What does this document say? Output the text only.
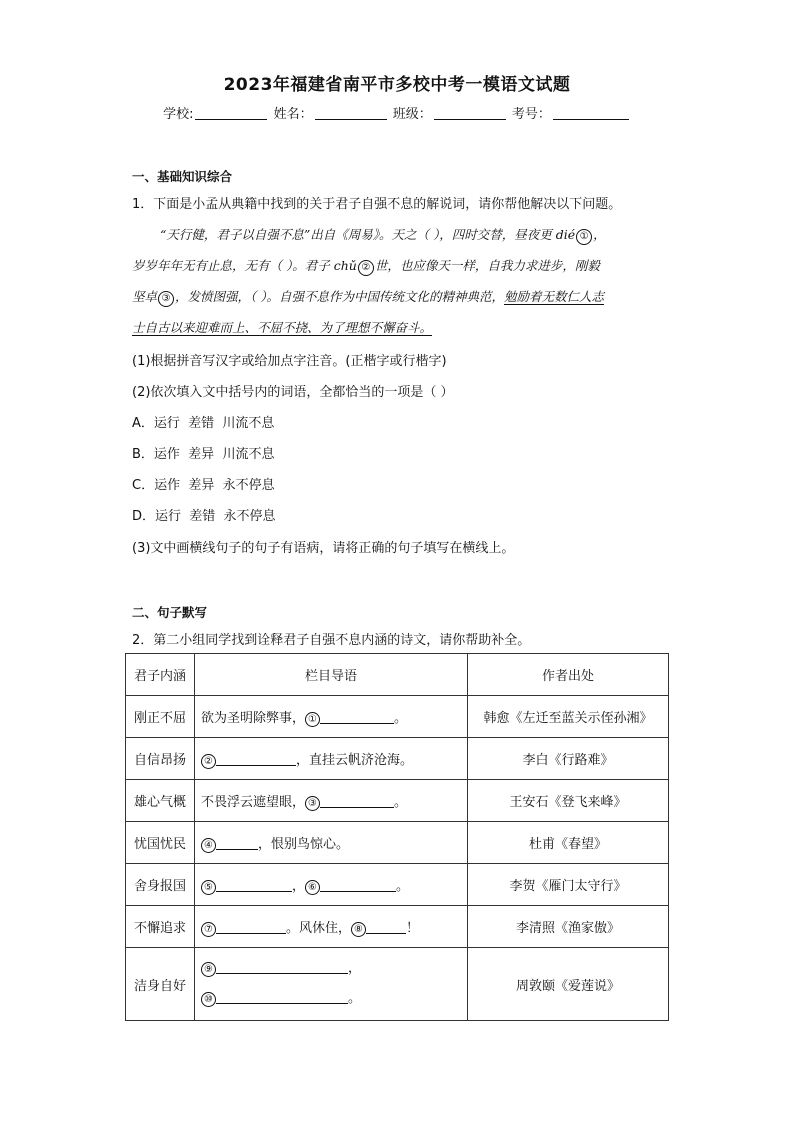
2023年福建省南平市多校中考一模语文试题
学校:	姓名：	班级：	考号：
一、基础知识综合
1．下面是小孟从典籍中找到的关于君子自强不息的解说词，请你帮他解决以下问题。
“天行健，君子以自强不息”出自《周易》。天之（ ），四时交替，昼夜更 dié ① ，
岁岁年年无有止息，无有（ ）。君子 chǔ ② 世，也应像天一样，自我力求进步，刚毅
坚卓 ③ ，发愤图强，（ ）。自强不息作为中国传统文化的精神典范，勉励着无数仁人志
士自古以来迎难而上、不屈不挠、为了理想不懈奋斗。
(1)根据拼音写汉字或给加点字注音。(正楷字或行楷字)
(2)依次填入文中括号内的词语，全都恰当的一项是（ ）
A．运行  差错  川流不息
B．运作  差异  川流不息
C．运作  差异  永不停息
D．运行  差错  永不停息
(3)文中画横线句子的句子有语病，请将正确的句子填写在横线上。
二、句子默写
2．第二小组同学找到诠释君子自强不息内涵的诗文，请你帮助补全。
君子内涵	栏目导语	作者出处
刚正不屈	欲为圣明除弊事， ① 。	韩愈《左迁至蓝关示侄孙湘》
自信昂扬	② ，直挂云帆济沧海。	李白《行路难》
雄心气概	不畏浮云遮望眼， ③ 。	王安石《登飞来峰》
忧国忧民	④ ，恨别鸟惊心。	杜甫《春望》
舍身报国	⑤ ， ⑥ 。	李贺《雁门太守行》
不懈追求	⑦ 。风休住， ⑧ ！	李清照《渔家傲》
洁身自好	⑨ ，
⑩ 。	周敦颐《爱莲说》
